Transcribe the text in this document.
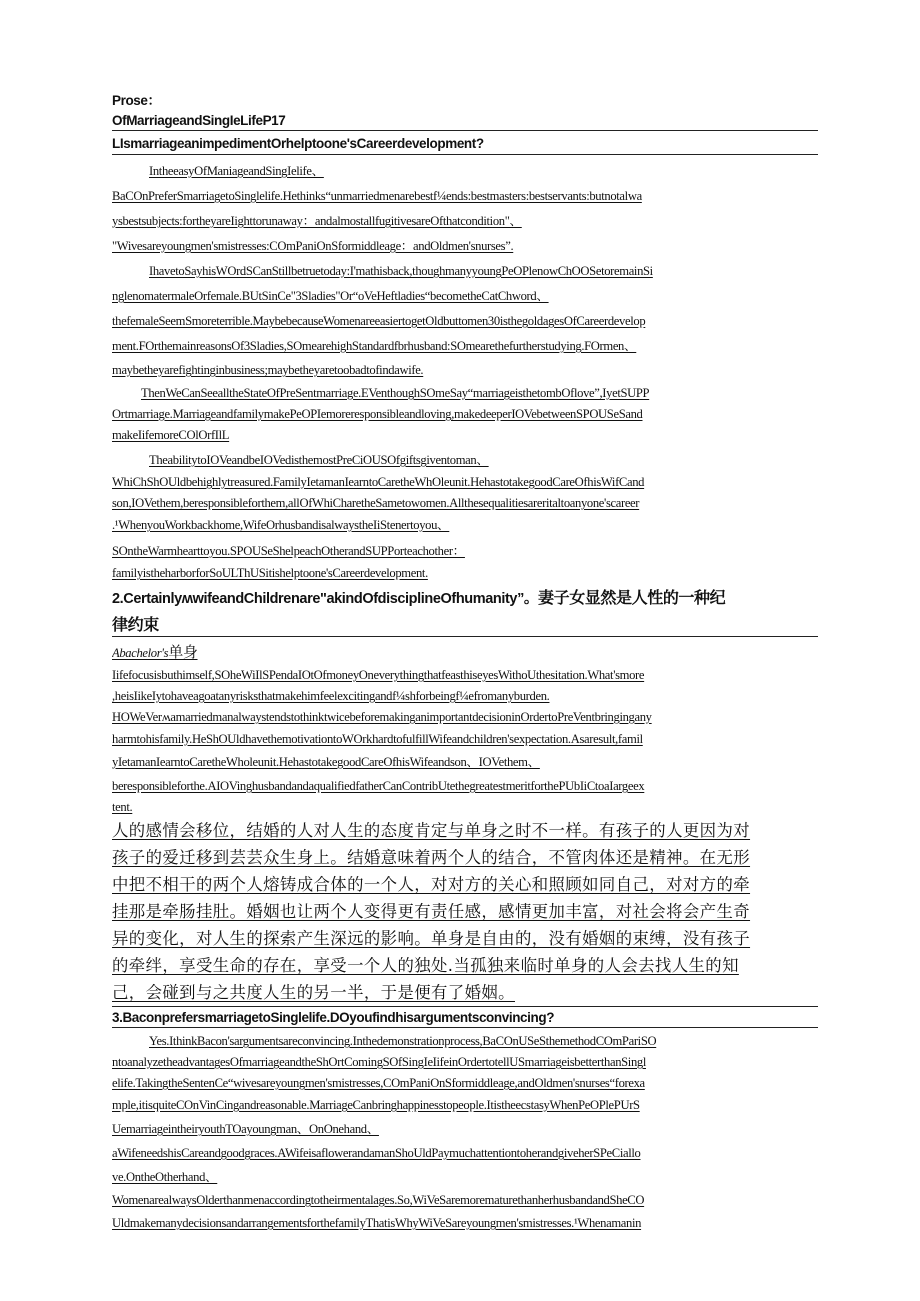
Prose：
OfMarriageandSingIeLifeP17
LIsmarriageanimpedimentOrhelptoone'sCareerdevelopment?
IntheeasyOfManiageandSingIelife、
BaCOnPreferSmarriagetoSinglelife.Hethinks“unmarriedmenarebestf¼ends:bestmasters:bestservants:butnotalwa
ysbestsubjects:fortheyareIighttorunaway：andalmostallfugitivesareOfthatcondition"、
"Wivesareyoungmen'smistresses:COmPaniOnSformiddleage：andOldmen'snurses”.
IhavetoSayhisWOrdSCanStillbetruetoday:I'mathisback,thoughmanyyoungPeOPlenowChOOSetoremainSi
nglenomatermaleOrfemale.BUtSinCe"3Sladies"Or“oVeHeftladies“becometheCatChword、
thefemaleSeemSmoreterrible.MaybebecauseWomenareeasiertogetOldbuttomen30isthegoldagesOfCareerdevelop
ment.FOrthemainreasonsOf3Sladies,SOmearehighStandardfbrhusband:SOmearethefurtherstudying.FOrmen、
maybetheyarefightinginbusiness;maybetheyaretoobadtofindawife.
ThenWeCanSeealltheStateOfPreSentmarriage.EVenthoughSOmeSay“marriageisthetombOflove”,IyetSUPP
Ortmarriage.MarriageandfamilymakePeOPIemoreresponsibleandloving,makedeeperIOVebetweenSPOUSeSand
makeIifemoreCOlOrfIlL
TheabilitytoIOVeandbeIOVedisthemostPreCiOUSOfgiftsgiventoman、
WhiChShOUldbehighlytreasured.FamilyIetamanIearntoCaretheWhOleunit.HehastotakegoodCareOfhisWifCand
son,IOVethem,beresponsibleforthem,allOfWhiCharetheSametowomen.Allthesequalitiesareritaltoanyone'scareer
.¹WhenyouWorkbackhome,WifeOrhusbandisalwaystheIiStenertoyou、
SOntheWarmhearttoyou.SPOUSeShelpeachOtherandSUPPorteachother：
familyistheharborforSoULThUSitishelptoone'sCareerdevelopment.
2.CertainlyʍwifeandChildrenare"akindOfdisciplineOfhumanity”。妻子女显然是人性的一种纪
律约束
Abachelor's单身
Iifefocusisbuthimself,SOheWiIlSPendaIOtOfmoneyOneverythingthatfeasthiseyesWithoUthesitation.What'smore
,heisIikeIytohaveagoatanyrisksthatmakehimfeelexcitingandf¼shforbeingf¼efromanyburden.
HOWeVerʍamarriedmanalwaystendstothinktwicebeforemakinganimportantdecisioninOrdertoPreVentbringingany
harmtohisfamily.HeShOUldhavethemotivationtoWOrkhardtofulfillWifeandchildren'sexpectation.Asaresult,famil
yIetamanIearntoCaretheWholeunit.HehastotakegoodCareOfhisWifeandson、IOVethem、
beresponsibleforthe.AIOVinghusbandandaqualifiedfatherCanContribUtethegreatestmeritforthePUbIiCtoaIargeex
tent.
人的感情会移位，结婚的人对人生的态度肯定与单身之时不一样。有孩子的人更因为对
孩子的爱迁移到芸芸众生身上。结婚意味着两个人的结合，不管肉体还是精神。在无形
中把不相干的两个人熔铸成合体的一个人，对对方的关心和照顾如同自己，对对方的牵
挂那是牵肠挂肚。婚姻也让两个人变得更有责任感，感情更加丰富，对社会将会产生奇
异的变化，对人生的探索产生深远的影响。单身是自由的，没有婚姻的束缚，没有孩子
的牵绊，享受生命的存在，享受一个人的独处.当孤独来临时单身的人会去找人生的知
己，会碰到与之共度人生的另一半，于是便有了婚姻。
3.BaconprefersmarriagetoSinglelife.DOyoufindhisargumentsconvincing?
Yes.IthinkBacon'sargumentsareconvincing.Inthedemonstrationprocess,BaCOnUSeSthemethodCOmPariSO
ntoanalyzetheadvantagesOfmarriageandtheShOrtComingSOfSingIeIifeinOrdertotellUSmarriageisbetterthanSingl
elife.TakingtheSentenCe“wivesareyoungmen'smistresses,COmPaniOnSformiddleage,andOldmen'snurses“forexa
mple,itisquiteCOnVinCingandreasonable.MarriageCanbringhappinesstopeople.ItistheecstasyWhenPeOPlePUrS
UemarriageintheiryouthTOayoungman、OnOnehand、
aWifeneedshisCareandgoodgraces.AWifeisaflowerandamanShoUldPaymuchattentiontoherandgiveherSPeCiallo
ve.OntheOtherhand、
WomenarealwaysOlderthanmenaccordingtotheirmentalages.So,WiVeSaremorematurethanherhusbandandSheCO
UldmakemanydecisionsandarrangementsforthefamilyThatisWhyWiVeSareyoungmen'smistresses.¹Whenamanin
